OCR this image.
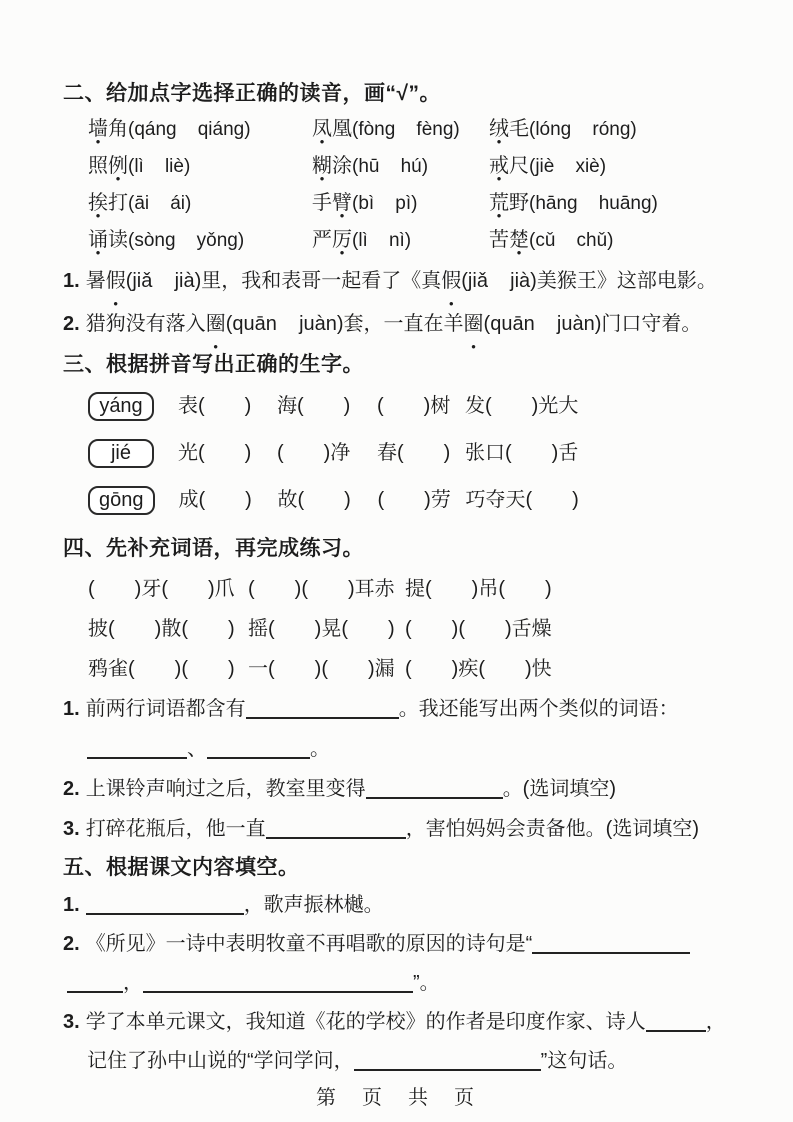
二、给加点字选择正确的读音，画“√”。
墙角(qáng    qiáng)	凤凰(fòng    fèng)	绒毛(lóng    róng)
照例(lì    liè)	糊涂(hū    hú)	戒尺(jiè    xiè)
挨打(āi    ái)	手臂(bì    pì)	荒野(hāng    huāng)
诵读(sòng    yǒng)	严厉(lì    nì)	苦楚(cǔ    chǔ)
1. 暑假(jiǎ    jià)里，我和表哥一起看了《真假(jiǎ    jià)美猴王》这部电影。
2. 猎狗没有落入圈(quān    juàn)套，一直在羊圈(quān    juàn)门口守着。
三、根据拼音写出正确的生字。
yáng	表(　　)	海(　　)	(　　)树 发(　　)光大
jié	光(　　)	(　　)净	春(　　) 张口(　　)舌
gōng	成(　　)	故(　　)	(　　)劳 巧夺天(　　)
四、先补充词语，再完成练习。
(　　)牙(　　)爪 (　　)(　　)耳赤 提(　　)吊(　　)
披(　　)散(　　) 摇(　　)晃(　　) (　　)(　　)舌燥
鸦雀(　　)(　　) 一(　　)(　　)漏 (　　)疾(　　)快
1. 前两行词语都含有	。我还能写出两个类似的词语：
、	。
2. 上课铃声响过之后，教室里变得	。(选词填空)
3. 打碎花瓶后，他一直	，害怕妈妈会责备他。(选词填空)
五、根据课文内容填空。
1.	，歌声振林樾。
2. 《所见》一诗中表明牧童不再唱歌的原因的诗句是“
，	”。
3. 学了本单元课文，我知道《花的学校》的作者是印度作家、诗人	，
记住了孙中山说的“学问学问，	”这句话。
第　页　共　页
